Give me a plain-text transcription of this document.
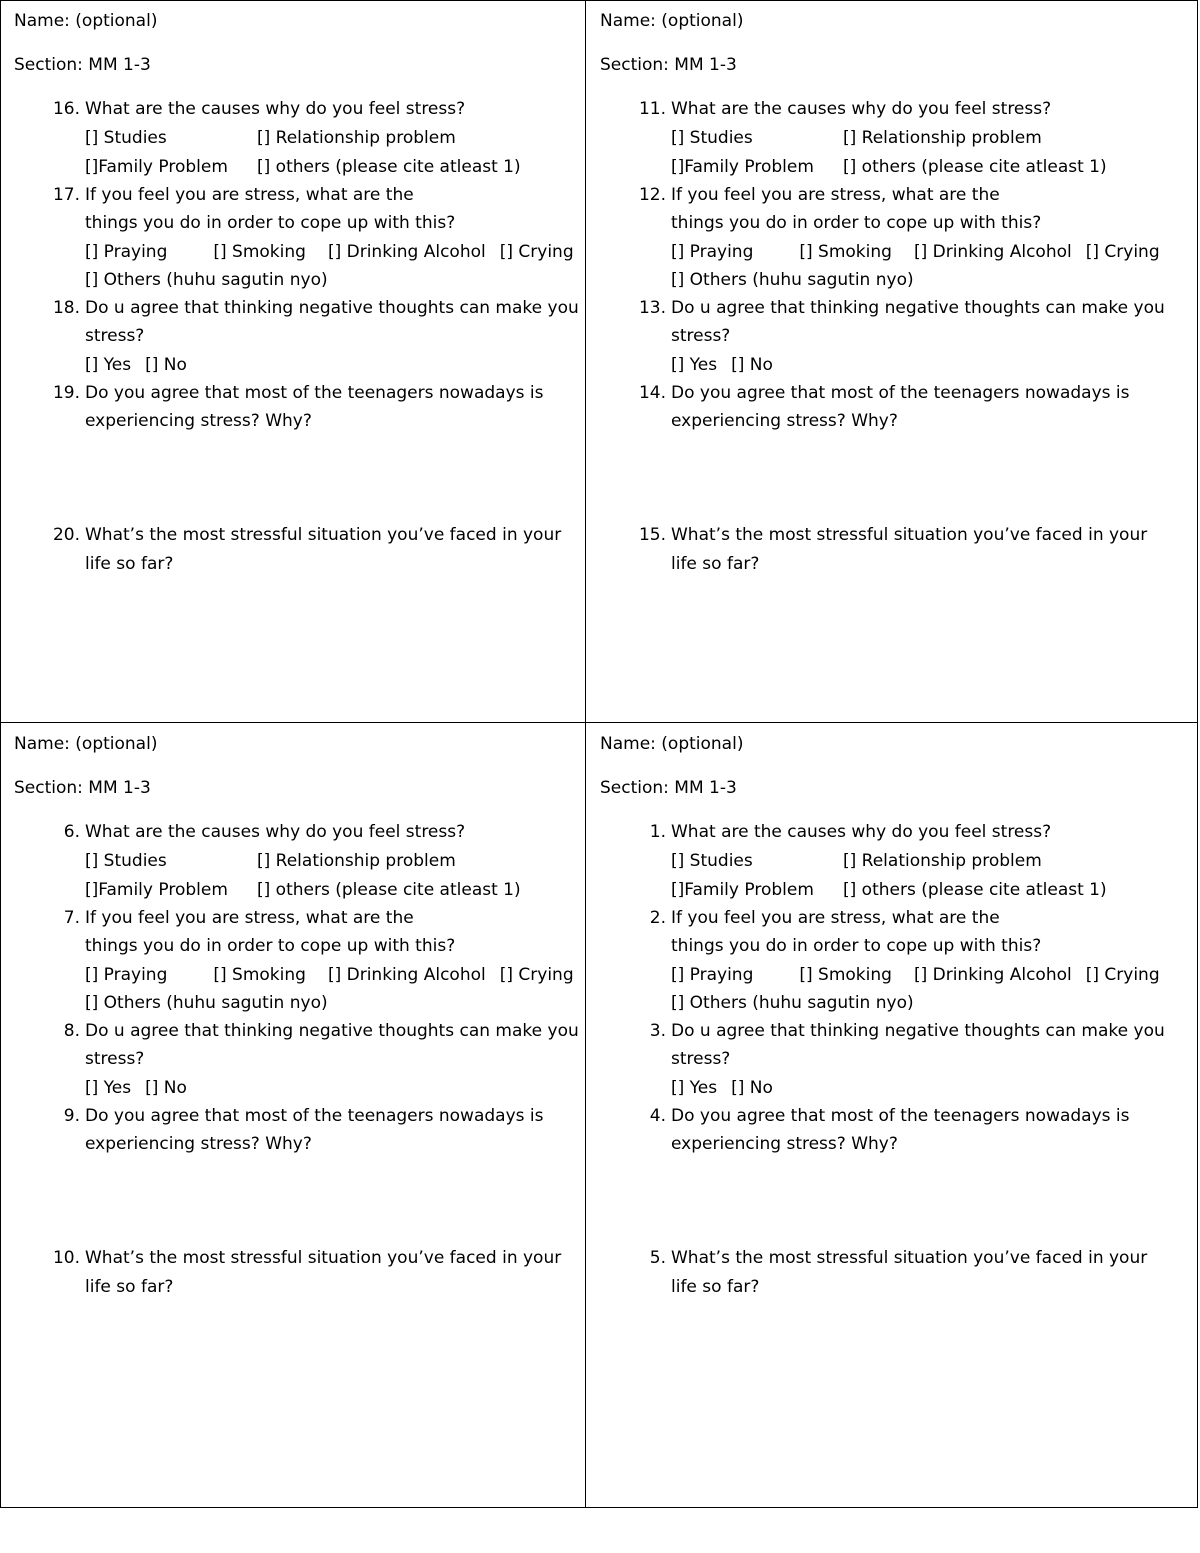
Name: (optional)
Section: MM 1-3
16. What are the causes why do you feel stress?
[] Studies	[] Relationship problem
[]Family Problem [] others (please cite atleast 1)
17. If you feel you are stress, what are the
things you do in order to cope up with this?
[] Praying	[] Smoking [] Drinking Alcohol [] Crying
[] Others (huhu sagutin nyo)
18. Do u agree that thinking negative thoughts can make you
stress?
[] Yes [] No
19. Do you agree that most of the teenagers nowadays is
experiencing stress? Why?
20. What’s the most stressful situation you’ve faced in your
life so far?
Name: (optional)
Section: MM 1-3
11. What are the causes why do you feel stress?
[] Studies	[] Relationship problem
[]Family Problem [] others (please cite atleast 1)
12. If you feel you are stress, what are the
things you do in order to cope up with this?
[] Praying	[] Smoking [] Drinking Alcohol [] Crying
[] Others (huhu sagutin nyo)
13. Do u agree that thinking negative thoughts can make you
stress?
[] Yes [] No
14. Do you agree that most of the teenagers nowadays is
experiencing stress? Why?
15. What’s the most stressful situation you’ve faced in your
life so far?
Name: (optional)
Section: MM 1-3
6. What are the causes why do you feel stress?
[] Studies	[] Relationship problem
[]Family Problem [] others (please cite atleast 1)
7. If you feel you are stress, what are the
things you do in order to cope up with this?
[] Praying	[] Smoking [] Drinking Alcohol [] Crying
[] Others (huhu sagutin nyo)
8. Do u agree that thinking negative thoughts can make you
stress?
[] Yes [] No
9. Do you agree that most of the teenagers nowadays is
experiencing stress? Why?
10. What’s the most stressful situation you’ve faced in your
life so far?
Name: (optional)
Section: MM 1-3
1. What are the causes why do you feel stress?
[] Studies	[] Relationship problem
[]Family Problem [] others (please cite atleast 1)
2. If you feel you are stress, what are the
things you do in order to cope up with this?
[] Praying	[] Smoking [] Drinking Alcohol [] Crying
[] Others (huhu sagutin nyo)
3. Do u agree that thinking negative thoughts can make you
stress?
[] Yes [] No
4. Do you agree that most of the teenagers nowadays is
experiencing stress? Why?
5. What’s the most stressful situation you’ve faced in your
life so far?
